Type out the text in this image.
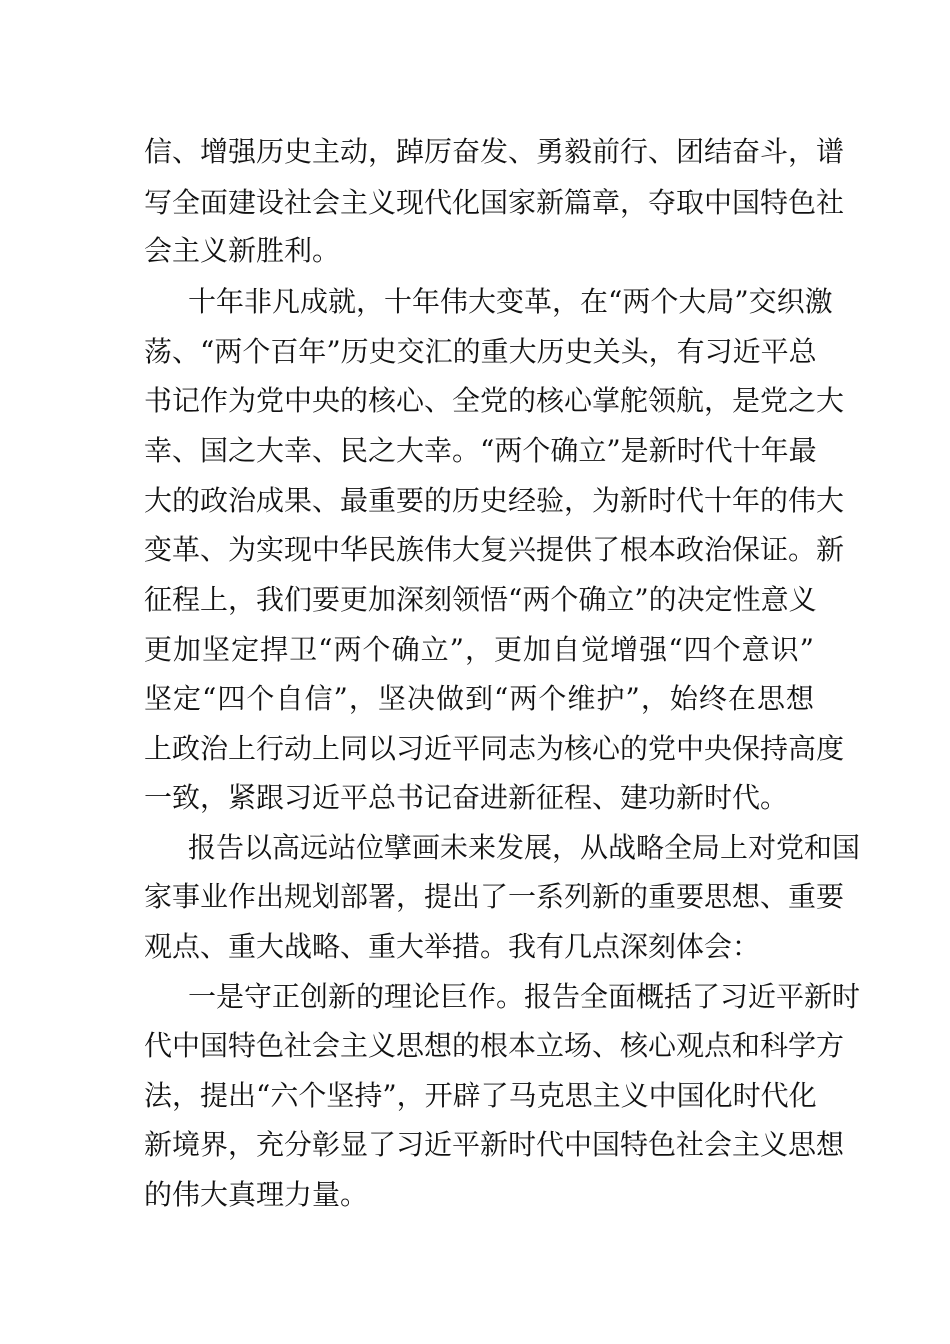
信、增强历史主动，踔厉奋发、勇毅前行、团结奋斗，谱

写全面建设社会主义现代化国家新篇章，夺取中国特色社

会主义新胜利。

十年非凡成就，十年伟大变革，在“两个大局”交织激

荡、“两个百年”历史交汇的重大历史关头，有习近平总

书记作为党中央的核心、全党的核心掌舵领航，是党之大

幸、国之大幸、民之大幸。“两个确立”是新时代十年最

大的政治成果、最重要的历史经验，为新时代十年的伟大

变革、为实现中华民族伟大复兴提供了根本政治保证。新

征程上，我们要更加深刻领悟“两个确立”的决定性意义

更加坚定捍卫“两个确立”，更加自觉增强“四个意识”

坚定“四个自信”，坚决做到“两个维护”，始终在思想

上政治上行动上同以习近平同志为核心的党中央保持高度

一致，紧跟习近平总书记奋进新征程、建功新时代。

报告以高远站位擘画未来发展，从战略全局上对党和国

家事业作出规划部署，提出了一系列新的重要思想、重要

观点、重大战略、重大举措。我有几点深刻体会：

一是守正创新的理论巨作。报告全面概括了习近平新时

代中国特色社会主义思想的根本立场、核心观点和科学方

法，提出“六个坚持”，开辟了马克思主义中国化时代化

新境界，充分彰显了习近平新时代中国特色社会主义思想

的伟大真理力量。
